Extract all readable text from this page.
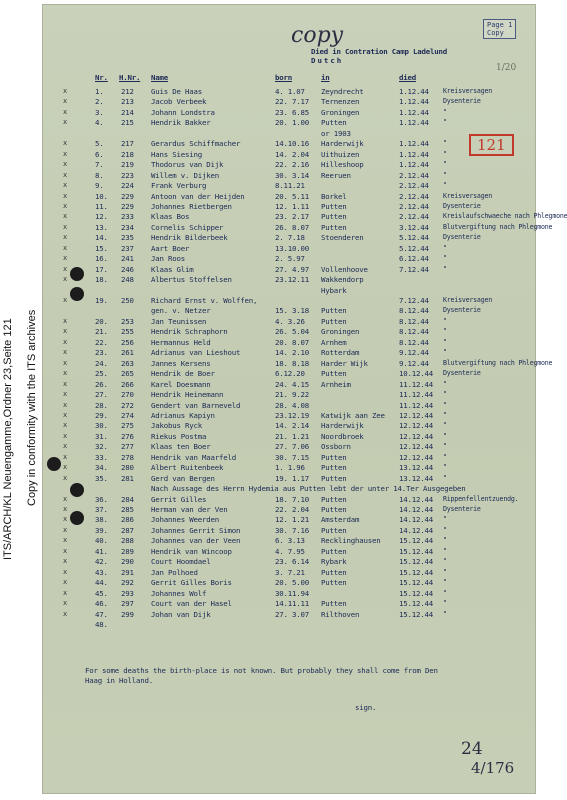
ITS/ARCH/KL Neuengamme,Ordner 23,Seite 121 Copy in conformity with the ITS archives
copy	Page 1
Copy
Died in Contration Camp Ladelund
Dutch
121
1/20
Nr. H.Nr. Name	born	in	died
x	1. 212 Guis De Haas	4. 1.07 Zeyndrecht	1.12.44 Kreisversagen
x	2. 213 Jacob Verbeek	22. 7.17 Ternenzen	1.12.44 Dysenterie
x	3. 214 Johann Londstra	23. 6.85 Groningen	1.12.44 "
x	4. 215 Hendrik Bakker	20. 1.00 Putten	1.12.44 "
or 1903
x	5. 217 Gerardus Schiffmacher	14.10.16 Harderwijk	1.12.44 "
x	6. 218 Hans Siesing	14. 2.04 Uithuizen	1.12.44 "
x	7. 219 Thodorus van Dijk	22. 2.16 Hilleshoop	1.12.44 "
x	8. 223 Willem v. Dijken	30. 3.14 Reeruen	2.12.44 "
x	9. 224 Frank Verburg	8.11.21	2.12.44 "
x	10. 229 Antoon van der Heijden	20. 5.11 Borkel	2.12.44 Kreisversagen
x	11. 229 Johannes Rietbergen	12. 1.11 Putten	2.12.44 Dysenterie
x	12. 233 Klaas Bos	23. 2.17 Putten	2.12.44 Kreislaufschwaeche nach Phlegmone
x	13. 234 Cornelis Schipper	26. 8.07 Putten	3.12.44 Blutvergiftung nach Phlegmone
x	14. 235 Hendrik Bilderbeek	2. 7.18 Stoenderen	5.12.44 Dysenterie
x	15. 237 Aart Boer	13.10.00	5.12.44 "
x	16. 241 Jan Roos	2. 5.97	6.12.44 "
x	17. 246 Klaas Glim	27. 4.97 Vollenhoove	7.12.44 "
x	18. 248 Albertus Stoffelsen	23.12.11 Wakkendorp
Hybark
x	19. 250 Richard Ernst v. Wolffen,	7.12.44 Kreisversagen
gen. v. Netzer	15. 3.18 Putten	8.12.44 Dysenterie
x	20. 253 Jan Teunissen	4. 3.26 Putten	8.12.44 "
x	21. 255 Hendrik Schraphorn	26. 5.04 Groningen	8.12.44 "
x	22. 256 Hermannus Held	20. 8.07 Arnhem	8.12.44 "
x	23. 261 Adrianus van Lieshout	14. 2.10 Rotterdam	9.12.44 "
x	24. 263 Jannes Kersens	18. 8.18 Harder Wijk	9.12.44 Blutvergiftung nach Phlegmone
x	25. 265 Hendrik de Boer	6.12.20 Putten	10.12.44 Dysenterie
x	26. 266 Karel Doesmann	24. 4.15 Arnheim	11.12.44 "
x	27. 270 Hendrik Heinemann	21. 9.22	11.12.44 "
x	28. 272 Gendert van Barneveld	28. 4.08	11.12.44 "
x	29. 274 Adrianus Kapiyn	23.12.19 Katwijk aan Zee 12.12.44 "
x	30. 275 Jakobus Ryck	14. 2.14 Harderwijk	12.12.44 "
x	31. 276 Riekus Postma	21. 1.21 Noordbroek	12.12.44 "
x	32. 277 Klaas ten Boer	27. 7.06 Ossborn	12.12.44 "
x	33. 278 Hendrik van Maarfeld	30. 7.15 Putten	12.12.44 "
x	34. 280 Albert Ruitenbeek	1. 1.96 Putten	13.12.44 "
x	35. 281 Gerd van Bergen	19. 1.17 Putten	13.12.44 "
Nach Aussage des Herrn Hydemia aus Putten lebt der unter 14.Ter Ausgegeben
x	36. 284 Gerrit Gilles	18. 7.10 Putten	14.12.44 Rippenfellentzuendg.
x	37. 285 Herman van der Ven	22. 2.04 Putten	14.12.44 Dysenterie
x	38. 286 Johannes Weerden	12. 1.21 Amsterdam	14.12.44 "
x	39. 287 Johannes Gerrit Simon	30. 7.16 Putten	14.12.44 "
x	40. 288 Johannes van der Veen	6. 3.13 Recklinghausen	15.12.44 "
x	41. 289 Hendrik van Wincoop	4. 7.95 Putten	15.12.44 "
x	42. 290 Court Hoomdael	23. 6.14 Rybark	15.12.44 "
x	43. 291 Jan Polhoed	3. 7.21 Putten	15.12.44 "
x	44. 292 Gerrit Gilles Boris	20. 5.00 Putten	15.12.44 "
x	45. 293 Johannes Wolf	30.11.94	15.12.44 "
x	46. 297 Court van der Hasel	14.11.11 Putten	15.12.44 "
x	47. 299 Johan van Dijk	27. 3.07 Rilthoven	15.12.44 "
48.
For some deaths the birth-place is not known. But probably they shall come from Den
Haag in Holland.
sign.
24
4/176
